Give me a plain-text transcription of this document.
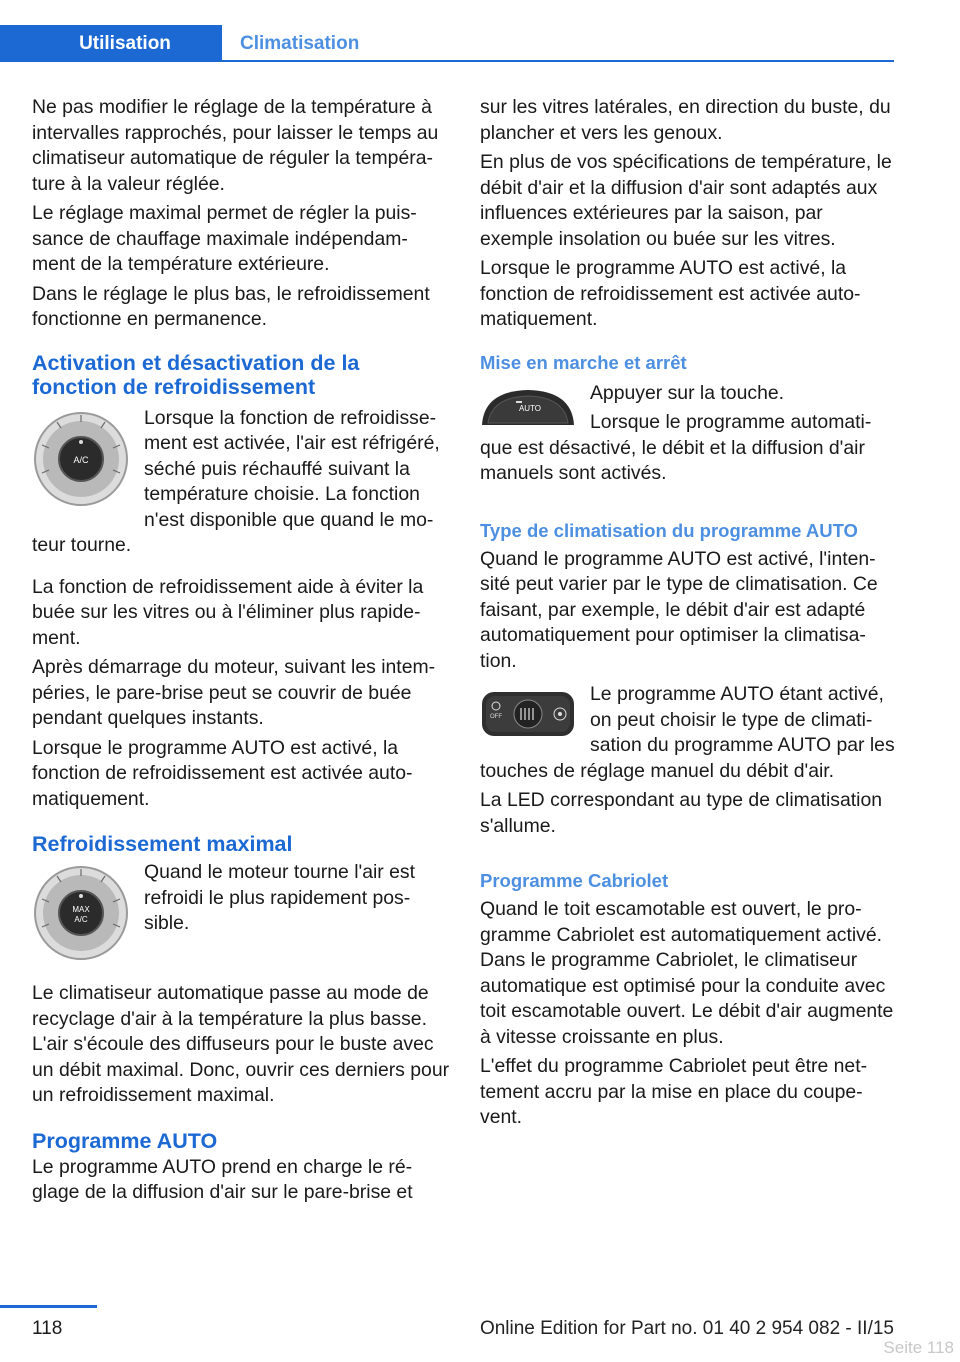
Utilisation	Climatisation

Ne pas modifier le réglage de la température à intervalles rapprochés, pour laisser le temps au climatiseur automatique de réguler la tempéra‐ ture à la valeur réglée.

Le réglage maximal permet de régler la puis‐ sance de chauffage maximale indépendam‐ ment de la température extérieure.

Dans le réglage le plus bas, le refroidissement fonctionne en permanence.

Activation et désactivation de la fonction de refroidissement
A/C

Lorsque la fonction de refroidisse‐ ment est activée, l'air est réfrigéré, séché puis réchauffé suivant la température choisie. La fonction n'est disponible que quand le mo‐ teur tourne.

La fonction de refroidissement aide à éviter la buée sur les vitres ou à l'éliminer plus rapide‐ ment.

Après démarrage du moteur, suivant les intem‐ péries, le pare-brise peut se couvrir de buée pendant quelques instants.

Lorsque le programme AUTO est activé, la fonction de refroidissement est activée auto‐ matiquement.

Refroidissement maximal
MAX
A/C

Quand le moteur tourne l'air est refroidi le plus rapidement pos‐ sible.

Le climatiseur automatique passe au mode de recyclage d'air à la température la plus basse. L'air s'écoule des diffuseurs pour le buste avec un débit maximal. Donc, ouvrir ces derniers pour un refroidissement maximal.

Programme AUTO

Le programme AUTO prend en charge le ré‐ glage de la diffusion d'air sur le pare-brise et

sur les vitres latérales, en direction du buste, du plancher et vers les genoux.

En plus de vos spécifications de température, le débit d'air et la diffusion d'air sont adaptés aux influences extérieures par la saison, par exemple insolation ou buée sur les vitres.

Lorsque le programme AUTO est activé, la fonction de refroidissement est activée auto‐ matiquement.

Mise en marche et arrêt
AUTO

Appuyer sur la touche.

Lorsque le programme automati‐ que est désactivé, le débit et la diffusion d'air manuels sont activés.

Type de climatisation du programme AUTO

Quand le programme AUTO est activé, l'inten‐ sité peut varier par le type de climatisation. Ce faisant, par exemple, le débit d'air est adapté automatiquement pour optimiser la climatisa‐ tion.

OFF

Le programme AUTO étant activé, on peut choisir le type de climati‐ sation du programme AUTO par les touches de réglage manuel du débit d'air.

La LED correspondant au type de climatisation s'allume.

Programme Cabriolet

Quand le toit escamotable est ouvert, le pro‐ gramme Cabriolet est automatiquement activé. Dans le programme Cabriolet, le climatiseur automatique est optimisé pour la conduite avec toit escamotable ouvert. Le débit d'air augmente à vitesse croissante en plus.

L'effet du programme Cabriolet peut être net‐ tement accru par la mise en place du coupe‐ vent.

118	Online Edition for Part no. 01 40 2 954 082 - II/15
Seite 118
